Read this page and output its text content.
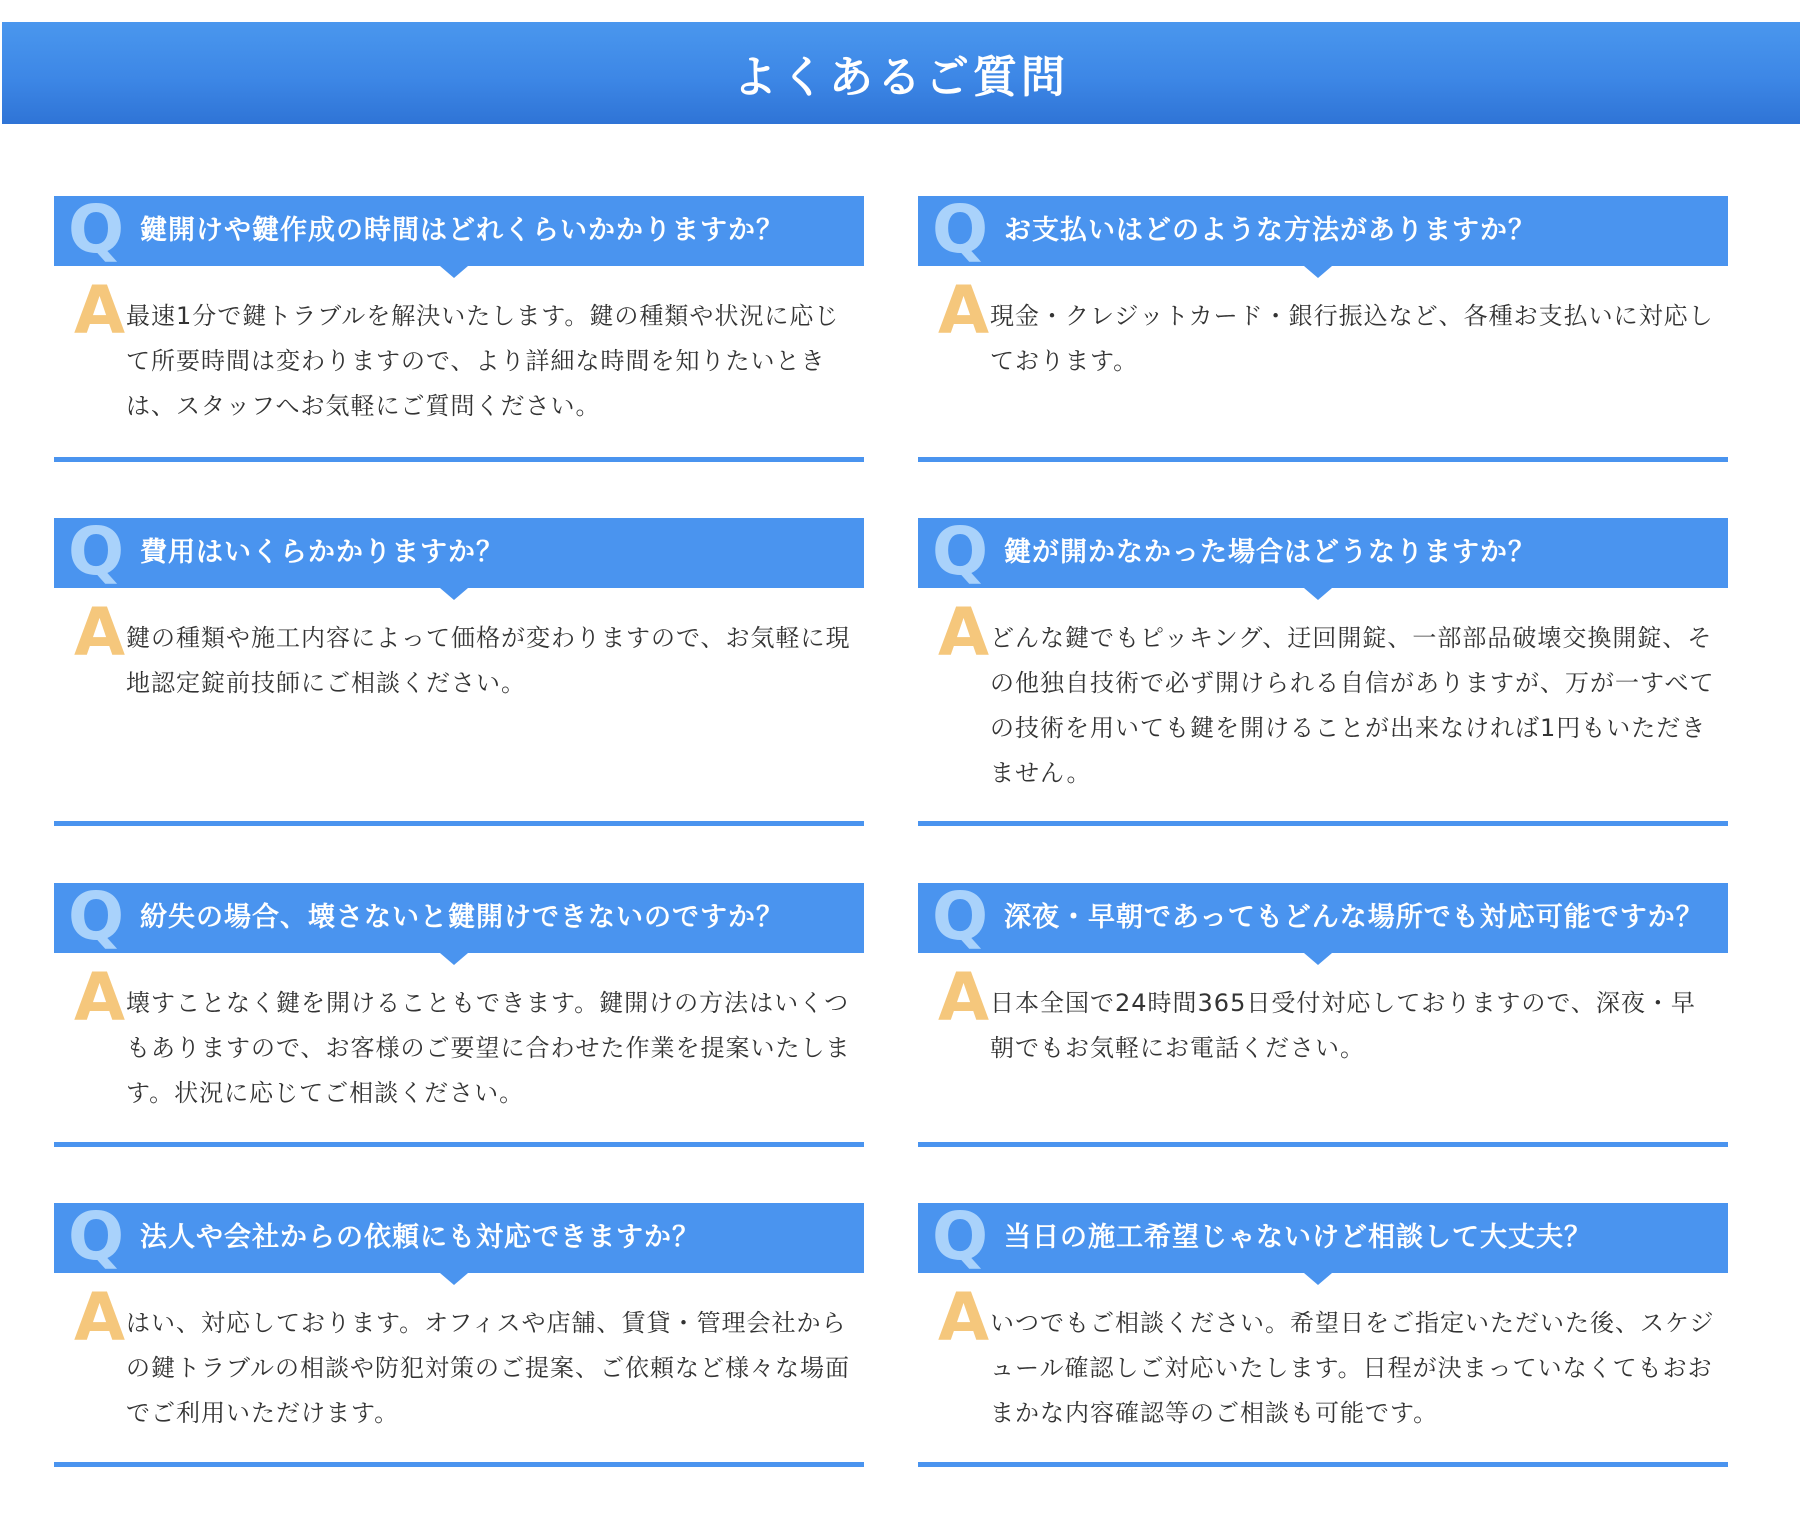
よくあるご質問
Q 鍵開けや鍵作成の時間はどれくらいかかりますか？
A 最速1分で鍵トラブルを解決いたします。鍵の種類や状況に応じて所要時間は変わりますので、より詳細な時間を知りたいときは、スタッフへお気軽にご質問ください。
Q お支払いはどのような方法がありますか？
A 現金・クレジットカード・銀行振込など、各種お支払いに対応しております。
Q 費用はいくらかかりますか？
A 鍵の種類や施工内容によって価格が変わりますので、お気軽に現地認定錠前技師にご相談ください。
Q 鍵が開かなかった場合はどうなりますか？
A どんな鍵でもピッキング、迂回開錠、一部部品破壊交換開錠、その他独自技術で必ず開けられる自信がありますが、万が一すべての技術を用いても鍵を開けることが出来なければ1円もいただきません。
Q 紛失の場合、壊さないと鍵開けできないのですか？
A 壊すことなく鍵を開けることもできます。鍵開けの方法はいくつもありますので、お客様のご要望に合わせた作業を提案いたします。状況に応じてご相談ください。
Q 深夜・早朝であってもどんな場所でも対応可能ですか？
A 日本全国で24時間365日受付対応しておりますので、深夜・早朝でもお気軽にお電話ください。
Q 法人や会社からの依頼にも対応できますか？
A はい、対応しております。オフィスや店舗、賃貸・管理会社からの鍵トラブルの相談や防犯対策のご提案、ご依頼など様々な場面でご利用いただけます。
Q 当日の施工希望じゃないけど相談して大丈夫？
A いつでもご相談ください。希望日をご指定いただいた後、スケジュール確認しご対応いたします。日程が決まっていなくてもおおまかな内容確認等のご相談も可能です。
